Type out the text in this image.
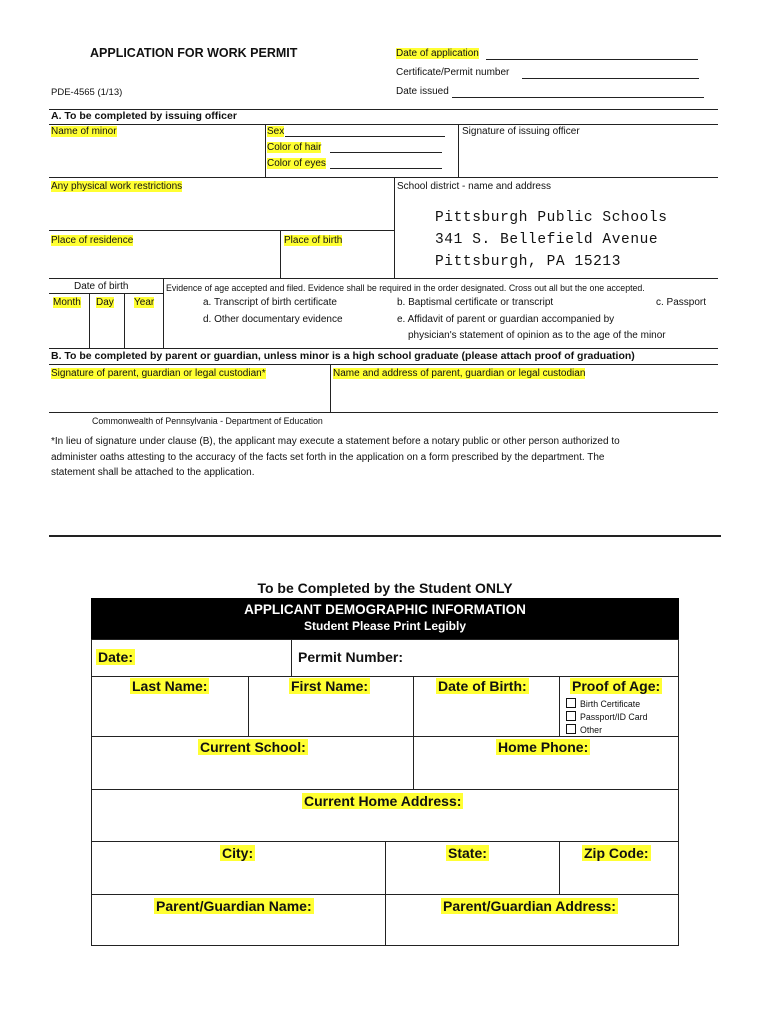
APPLICATION FOR WORK PERMIT
PDE-4565 (1/13)
Date of application
Certificate/Permit number
Date issued
A. To be completed by issuing officer
Name of minor	Sex
Color of hair
Color of eyes
Signature of issuing officer
Any physical work restrictions	School district - name and address
Pittsburgh Public Schools
341 S. Bellefield Avenue
Pittsburgh, PA 15213
Place of residence	Place of birth
Date of birth
Month Day Year
Evidence of age accepted and filed. Evidence shall be required in the order designated. Cross out all but the one accepted.
a. Transcript of birth certificate	b. Baptismal certificate or transcript	c. Passport
d. Other documentary evidence	e. Affidavit of parent or guardian accompanied by
physician's statement of opinion as to the age of the minor
B. To be completed by parent or guardian, unless minor is a high school graduate (please attach proof of graduation)
Signature of parent, guardian or legal custodian*	Name and address of parent, guardian or legal custodian
Commonwealth of Pennsylvania - Department of Education
*In lieu of signature under clause (B), the applicant may execute a statement before a notary public or other person authorized to
administer oaths attesting to the accuracy of the facts set forth in the application on a form prescribed by the department. The
statement shall be attached to the application.
To be Completed by the Student ONLY
APPLICANT DEMOGRAPHIC INFORMATION
Student Please Print Legibly
Date:	Permit Number:
Last Name:	First Name:	Date of Birth:	Proof of Age:
Birth Certificate
Passport/ID Card
Other
Current School:	Home Phone:
Current Home Address:
City:	State:	Zip Code:
Parent/Guardian Name:	Parent/Guardian Address:
